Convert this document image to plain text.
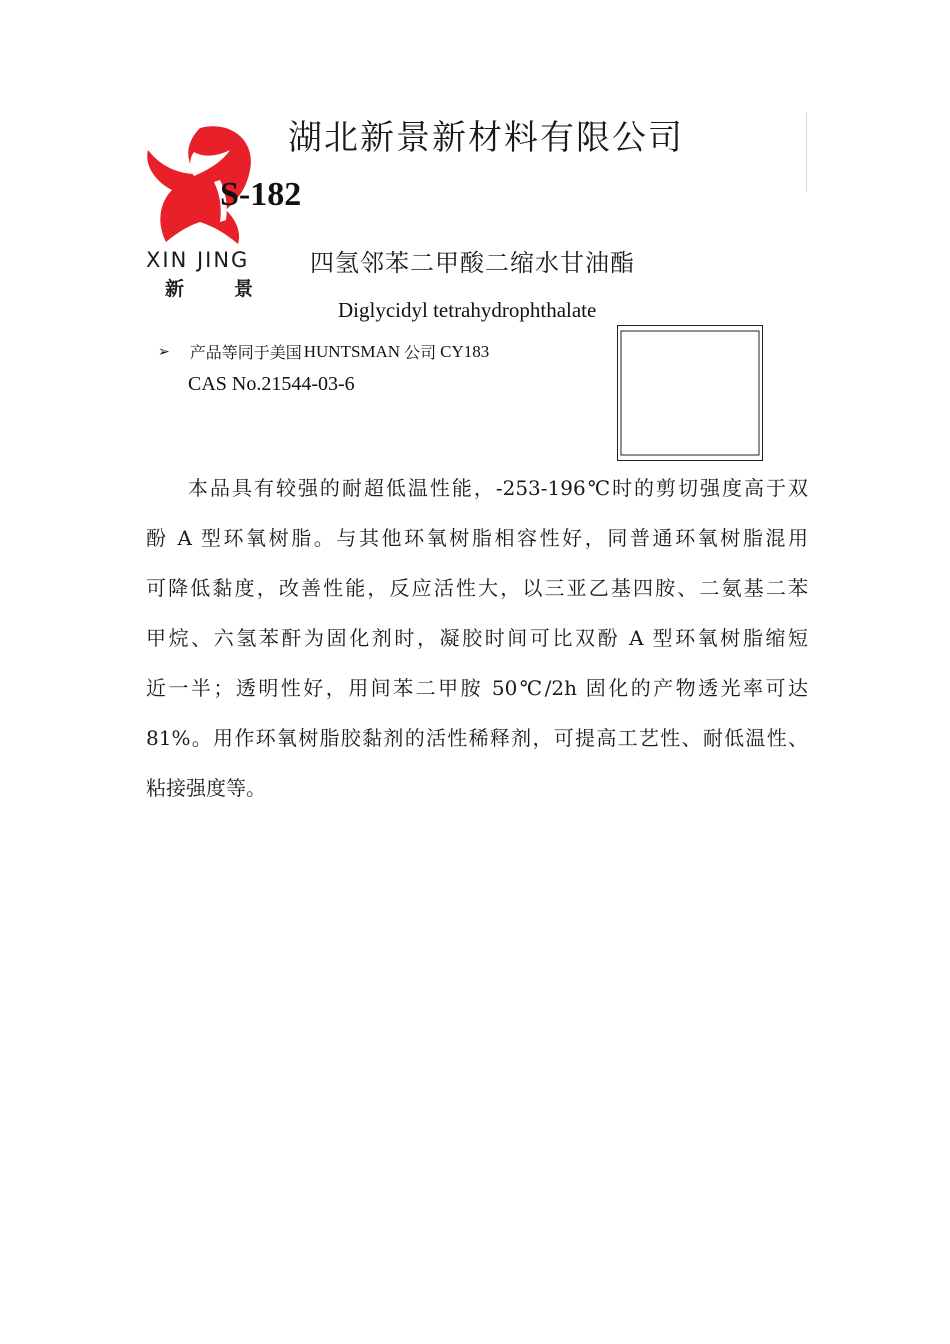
湖北新景新材料有限公司
XIN JING
新	景
S-182
四氢邻苯二甲酸二缩水甘油酯
Diglycidyl tetrahydrophthalate
➢ 产品等同于美国 HUNTSMAN 公司 CY183
CAS No.21544-03-6
本品具有较强的耐超低温性能，-253-196℃时的剪切强度高于双
酚 A 型环氧树脂。与其他环氧树脂相容性好，同普通环氧树脂混用
可降低黏度，改善性能，反应活性大，以三亚乙基四胺、二氨基二苯
甲烷、六氢苯酐为固化剂时，凝胶时间可比双酚 A 型环氧树脂缩短
近一半；透明性好，用间苯二甲胺 50℃/2h 固化的产物透光率可达
81%。用作环氧树脂胶黏剂的活性稀释剂，可提高工艺性、耐低温性、
粘接强度等。
